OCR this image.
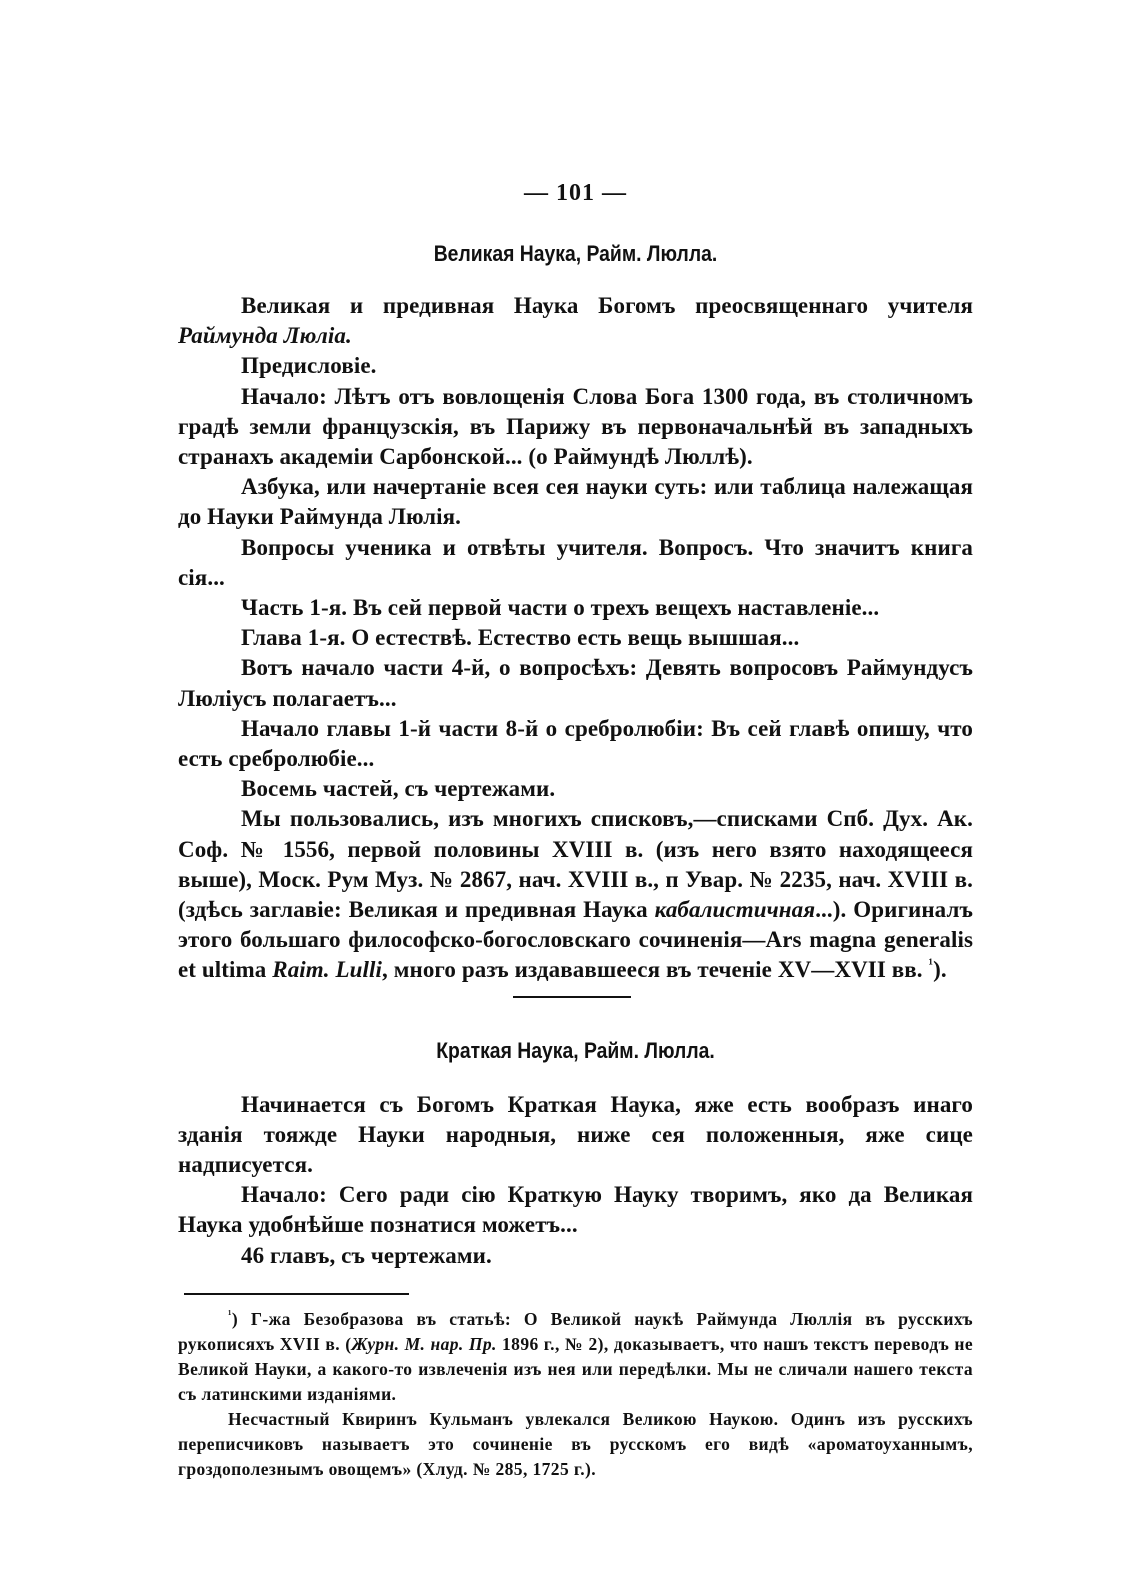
— 101 —
Великая Наука, Райм. Люлла.

Великая и предивная Наука Богомъ преосвященнаго учителя Раймунда Люлiа.

Предисловiе.

Начало: Лѣтъ отъ вовлощенiя Слова Бога 1300 года, въ столичномъ градѣ земли французскiя, въ Парижу въ первоначальнѣй въ западныхъ странахъ академiи Сарбонской... (о Раймундѣ Люллѣ).

Азбука, или начертанiе всея сея науки суть: или таблица належащая до Науки Раймунда Люлiя.

Вопросы ученика и отвѣты учителя. Вопросъ. Что значитъ книга сiя...

Часть 1-я. Въ сей первой части о трехъ вещехъ наставленiе...

Глава 1-я. О естествѣ. Естество есть вещь вышшая...

Вотъ начало части 4-й, о вопросѣхъ: Девять вопросовъ Раймундусъ Люлiусъ полагаетъ...

Начало главы 1-й части 8-й о сребролюбiи: Въ сей главѣ опишу, что есть сребролюбiе...

Восемь частей, съ чертежами.

Мы пользовались, изъ многихъ списковъ,—списками Спб. Дух. Ак. Соф. № 1556, первой половины XVIII в. (изъ него взято находящееся выше), Моск. Рум Муз. № 2867, нач. XVIII в., п Увар. № 2235, нач. XVIII в. (здѣсь заглавiе: Великая и предивная Наука кабалистичная...). Оригиналъ этого большаго философско-богословскаго сочиненiя—Ars magna generalis et ultima Raim. Lulli, много разъ издававшееся въ теченiе XV—XVII вв. $^{^1}$).

Краткая Наука, Райм. Люлла.

Начинается съ Богомъ Краткая Наука, яже есть вообразъ инаго зданiя тояжде Науки народныя, ниже сея положенныя, яже сице надписуется.

Начало: Сего ради сiю Краткую Науку творимъ, яко да Великая Наука удобнѣйше познатися можетъ...

46 главъ, съ чертежами.

$^{^1}$) Г-жа Безобразова въ статьѣ: О Великой наукѣ Раймунда Люллiя въ русскихъ рукописяхъ XVII в. (Журн. М. нар. Пр. 1896 г., № 2), доказываетъ, что нашъ текстъ переводъ не Великой Науки, а какого-то извлеченiя изъ нея или передѣлки. Мы не сличали нашего текста съ латинскими изданiями.

Несчастный Квиринъ Кульманъ увлекался Великою Наукою. Одинъ изъ русскихъ переписчиковъ называетъ это сочиненiе въ русскомъ его видѣ «ароматоуханнымъ, гроздополезнымъ овощемъ» (Хлуд. № 285, 1725 г.).
